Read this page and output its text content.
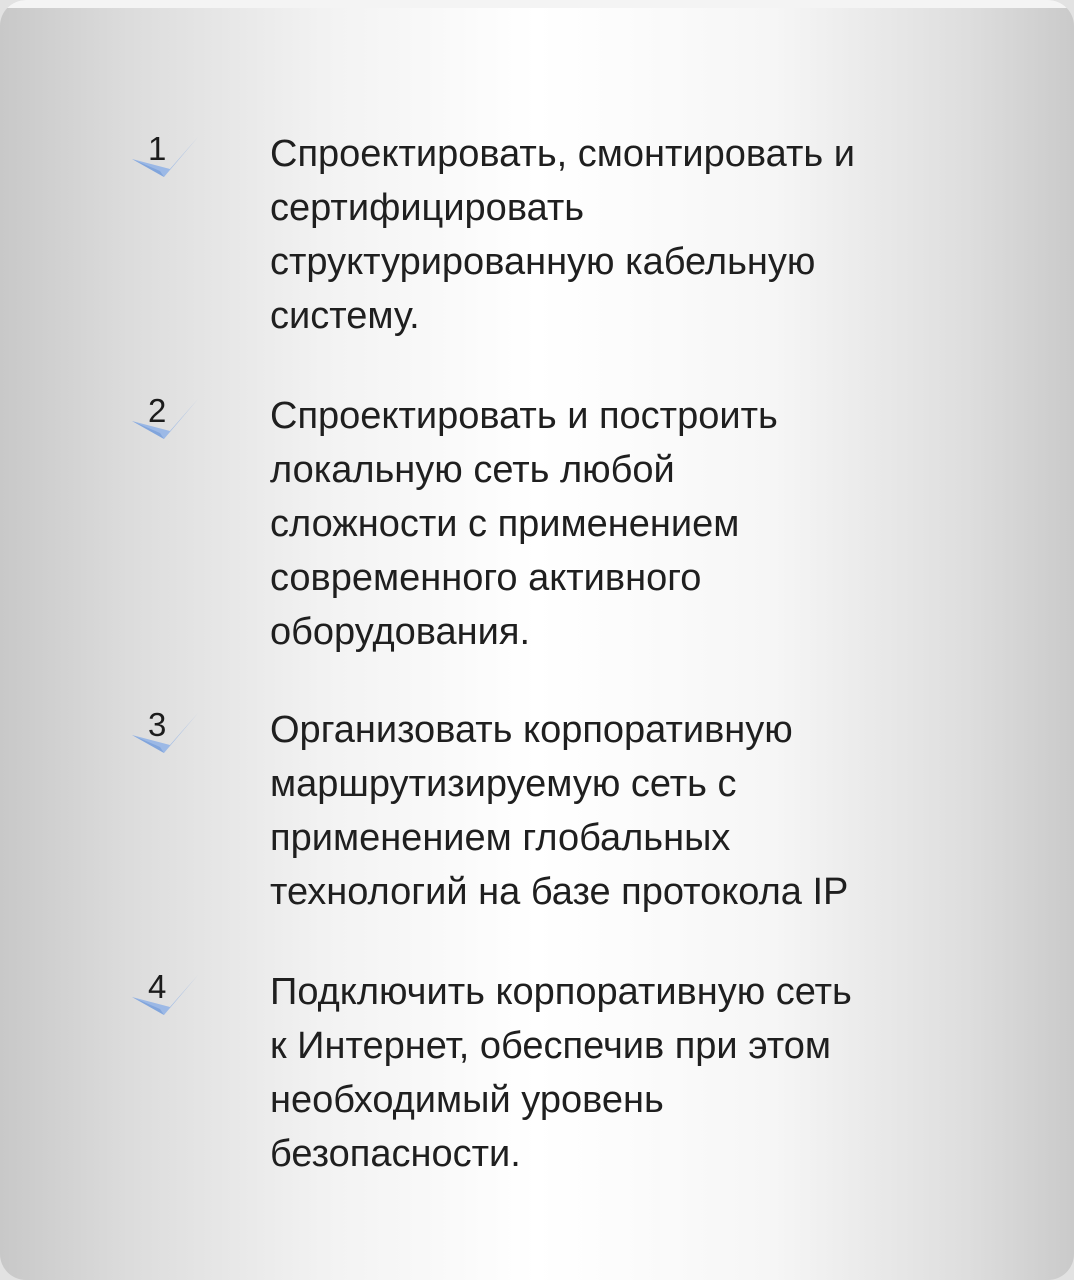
1	Спроектировать, смонтировать и
сертифицировать
структурированную кабельную
систему.
2	Спроектировать и построить
локальную сеть любой
сложности с применением
современного активного
оборудования.
3	Организовать корпоративную
маршрутизируемую сеть с
применением глобальных
технологий на базе протокола IP
4	Подключить корпоративную сеть
к Интернет, обеспечив при этом
необходимый уровень
безопасности.
